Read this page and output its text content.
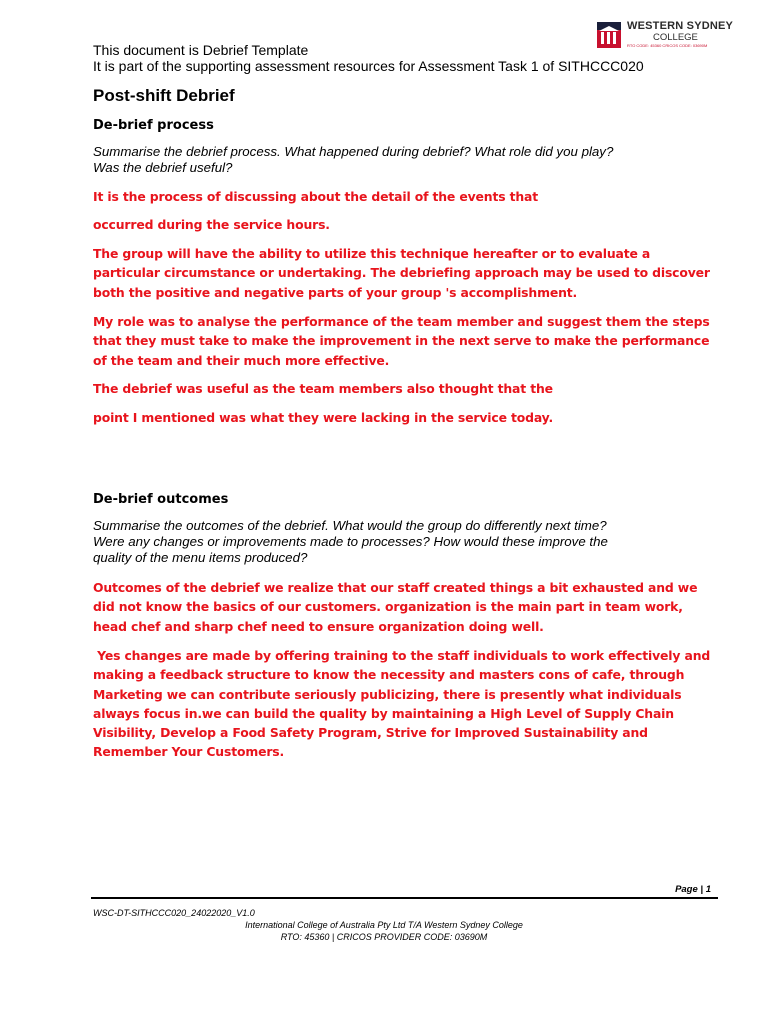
WESTERN SYDNEY
COLLEGE
RTO CODE: 45360 CRICOS CODE: 03690M
This document is Debrief Template
It is part of the supporting assessment resources for Assessment Task 1 of SITHCCC020
Post-shift Debrief
De-brief process
Summarise the debrief process. What happened during debrief? What role did you play?
Was the debrief useful?
It is the process of discussing about the detail of the events that
occurred during the service hours.
The group will have the ability to utilize this technique hereafter or to evaluate a
particular circumstance or undertaking. The debriefing approach may be used to discover
both the positive and negative parts of your group 's accomplishment.
My role was to analyse the performance of the team member and suggest them the steps
that they must take to make the improvement in the next serve to make the performance
of the team and their much more effective.
The debrief was useful as the team members also thought that the
point I mentioned was what they were lacking in the service today.
De-brief outcomes
Summarise the outcomes of the debrief. What would the group do differently next time?
Were any changes or improvements made to processes? How would these improve the
quality of the menu items produced?
Outcomes of the debrief we realize that our staff created things a bit exhausted and we
did not know the basics of our customers. organization is the main part in team work,
head chef and sharp chef need to ensure organization doing well.
Yes changes are made by offering training to the staff individuals to work effectively and
making a feedback structure to know the necessity and masters cons of cafe, through
Marketing we can contribute seriously publicizing, there is presently what individuals
always focus in.we can build the quality by maintaining a High Level of Supply Chain
Visibility, Develop a Food Safety Program, Strive for Improved Sustainability and
Remember Your Customers.
Page | 1
WSC-DT-SITHCCC020_24022020_V1.0
International College of Australia Pty Ltd T/A Western Sydney College
RTO: 45360 | CRICOS PROVIDER CODE: 03690M
